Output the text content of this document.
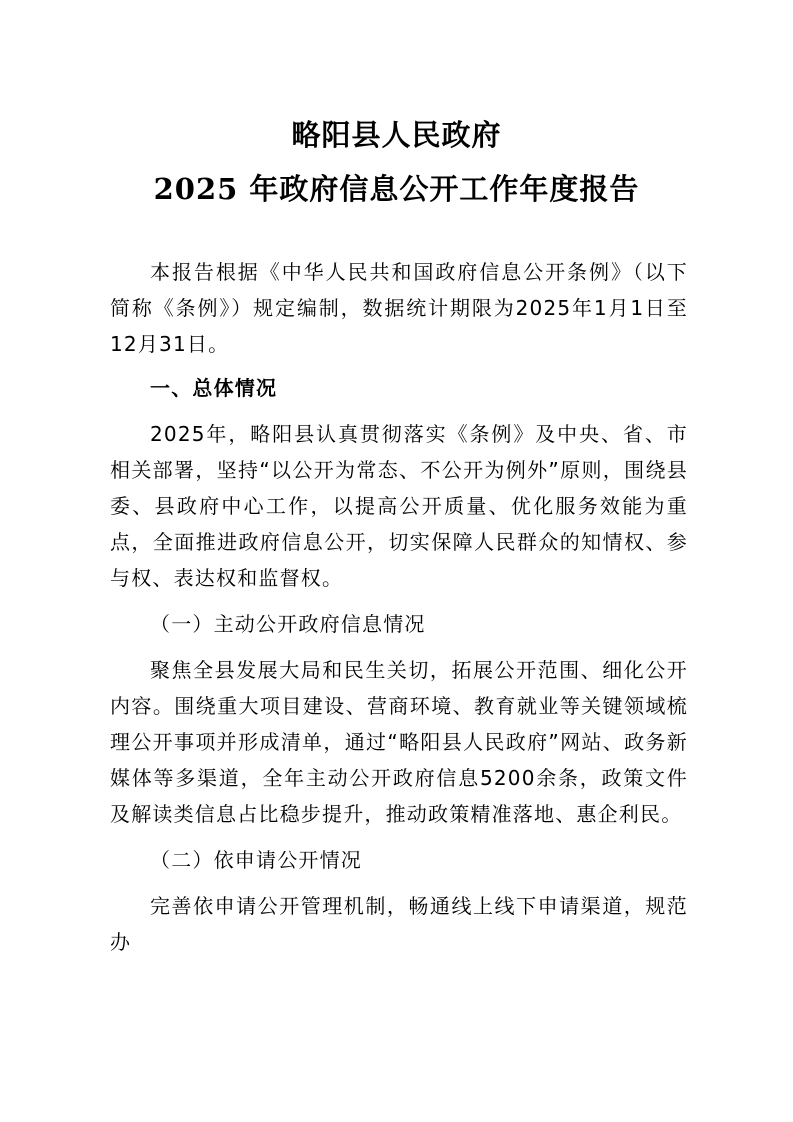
略阳县人民政府
2025 年政府信息公开工作年度报告

本报告根据《中华人民共和国政府信息公开条例》（以下简称《条例》）规定编制，数据统计期限为2025年1月1日至12月31日。

一、总体情况

2025年，略阳县认真贯彻落实《条例》及中央、省、市相关部署，坚持“以公开为常态、不公开为例外”原则，围绕县委、县政府中心工作，以提高公开质量、优化服务效能为重点，全面推进政府信息公开，切实保障人民群众的知情权、参与权、表达权和监督权。

（一）主动公开政府信息情况

聚焦全县发展大局和民生关切，拓展公开范围、细化公开内容。围绕重大项目建设、营商环境、教育就业等关键领域梳理公开事项并形成清单，通过“略阳县人民政府”网站、政务新媒体等多渠道，全年主动公开政府信息5200余条，政策文件及解读类信息占比稳步提升，推动政策精准落地、惠企利民。

（二）依申请公开情况

完善依申请公开管理机制，畅通线上线下申请渠道，规范办
